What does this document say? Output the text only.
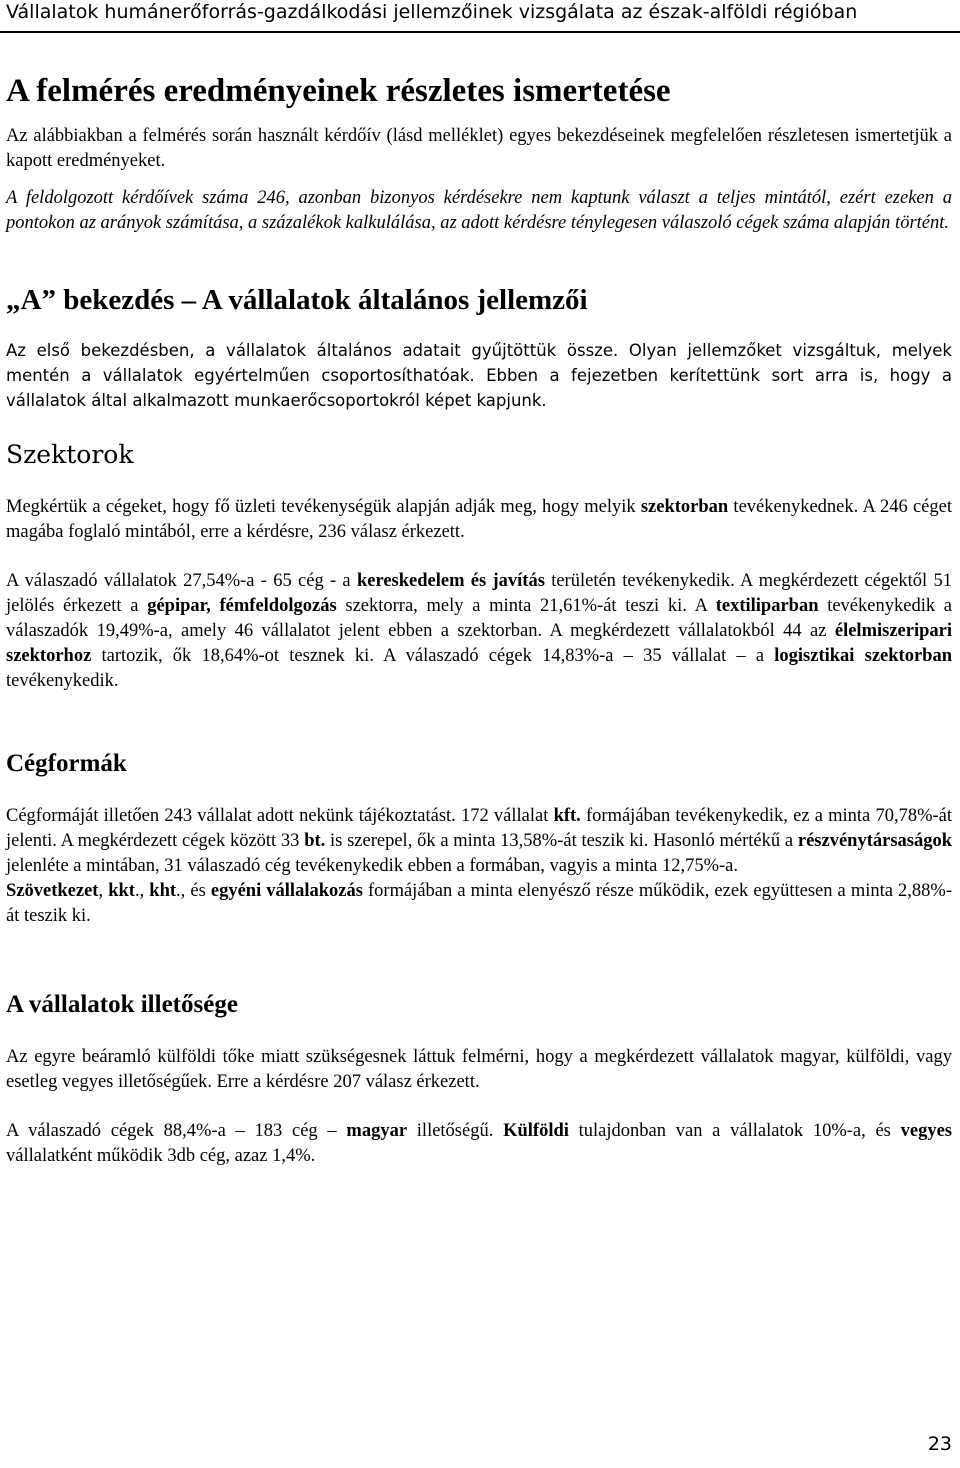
Vállalatok humánerőforrás-gazdálkodási jellemzőinek vizsgálata az észak-alföldi régióban
A felmérés eredményeinek részletes ismertetése

Az alábbiakban a felmérés során használt kérdőív (lásd melléklet) egyes bekezdéseinek megfelelően részletesen ismertetjük a kapott eredményeket.

A feldolgozott kérdőívek száma 246, azonban bizonyos kérdésekre nem kaptunk választ a teljes mintától, ezért ezeken a pontokon az arányok számítása, a százalékok kalkulálása, az adott kérdésre ténylegesen válaszoló cégek száma alapján történt.

„A” bekezdés – A vállalatok általános jellemzői

Az első bekezdésben, a vállalatok általános adatait gyűjtöttük össze. Olyan jellemzőket vizsgáltuk, melyek mentén a vállalatok egyértelműen csoportosíthatóak. Ebben a fejezetben kerítettünk sort arra is, hogy a vállalatok által alkalmazott munkaerőcsoportokról képet kapjunk.

Szektorok

Megkértük a cégeket, hogy fő üzleti tevékenységük alapján adják meg, hogy melyik szektorban tevékenykednek. A 246 céget magába foglaló mintából, erre a kérdésre, 236 válasz érkezett.

A válaszadó vállalatok 27,54%-a - 65 cég - a kereskedelem és javítás területén tevékenykedik. A megkérdezett cégektől 51 jelölés érkezett a gépipar, fémfeldolgozás szektorra, mely a minta 21,61%-át teszi ki. A textiliparban tevékenykedik a válaszadók 19,49%-a, amely 46 vállalatot jelent ebben a szektorban. A megkérdezett vállalatokból 44 az élelmiszeripari szektorhoz tartozik, ők 18,64%-ot tesznek ki. A válaszadó cégek 14,83%-a – 35 vállalat – a logisztikai szektorban tevékenykedik.

Cégformák

Cégformáját illetően 243 vállalat adott nekünk tájékoztatást. 172 vállalat kft. formájában tevékenykedik, ez a minta 70,78%-át jelenti. A megkérdezett cégek között 33 bt. is szerepel, ők a minta 13,58%-át teszik ki. Hasonló mértékű a részvénytársaságok jelenléte a mintában, 31 válaszadó cég tevékenykedik ebben a formában, vagyis a minta 12,75%-a.

Szövetkezet, kkt., kht., és egyéni vállalakozás formájában a minta elenyésző része működik, ezek együttesen a minta 2,88%-át teszik ki.

A vállalatok illetősége

Az egyre beáramló külföldi tőke miatt szükségesnek láttuk felmérni, hogy a megkérdezett vállalatok magyar, külföldi, vagy esetleg vegyes illetőségűek. Erre a kérdésre 207 válasz érkezett.

A válaszadó cégek 88,4%-a – 183 cég – magyar illetőségű. Külföldi tulajdonban van a vállalatok 10%-a, és vegyes vállalatként működik 3db cég, azaz 1,4%.

23
